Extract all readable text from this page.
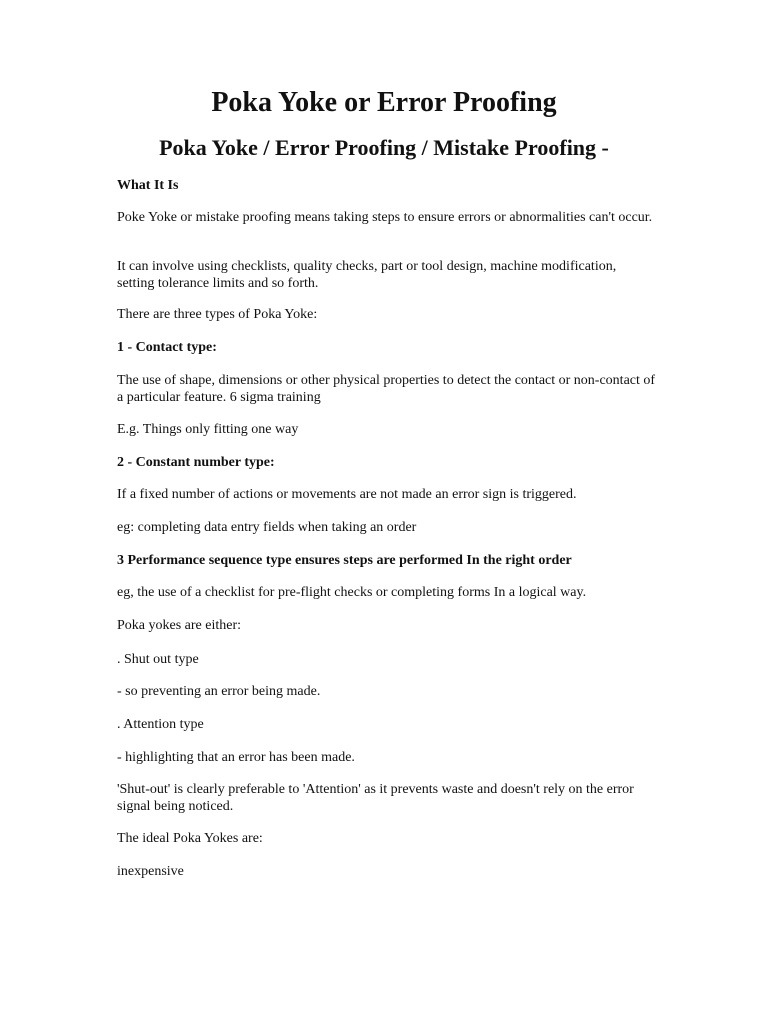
Poka Yoke or Error Proofing
Poka Yoke / Error Proofing / Mistake Proofing -

What It Is

Poke Yoke or mistake proofing means taking steps to ensure errors or abnormalities can't occur.

It can involve using checklists, quality checks, part or tool design, machine modification, setting tolerance limits and so forth.

There are three types of Poka Yoke:

1 - Contact type:

The use of shape, dimensions or other physical properties to detect the contact or non-contact of a particular feature. 6 sigma training

E.g. Things only fitting one way

2 - Constant number type:

If a fixed number of actions or movements are not made an error sign is triggered.

eg: completing data entry fields when taking an order

3 Performance sequence type ensures steps are performed In the right order

eg, the use of a checklist for pre-flight checks or completing forms In a logical way.

Poka yokes are either:

. Shut out type

- so preventing an error being made.

. Attention type

- highlighting that an error has been made.

'Shut-out' is clearly preferable to 'Attention' as it prevents waste and doesn't rely on the error signal being noticed.

The ideal Poka Yokes are:

inexpensive
